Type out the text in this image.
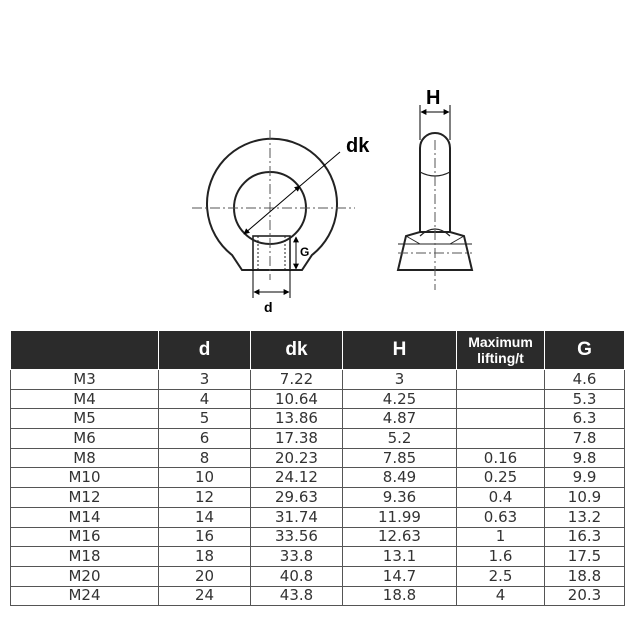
dk
G
d
H
	d	dk	H	Maximum
lifting/t	G
M3	3	7.22	3		4.6
M4	4	10.64	4.25		5.3
M5	5	13.86	4.87		6.3
M6	6	17.38	5.2		7.8
M8	8	20.23	7.85	0.16	9.8
M10	10	24.12	8.49	0.25	9.9
M12	12	29.63	9.36	0.4	10.9
M14	14	31.74	11.99	0.63	13.2
M16	16	33.56	12.63	1	16.3
M18	18	33.8	13.1	1.6	17.5
M20	20	40.8	14.7	2.5	18.8
M24	24	43.8	18.8	4	20.3
